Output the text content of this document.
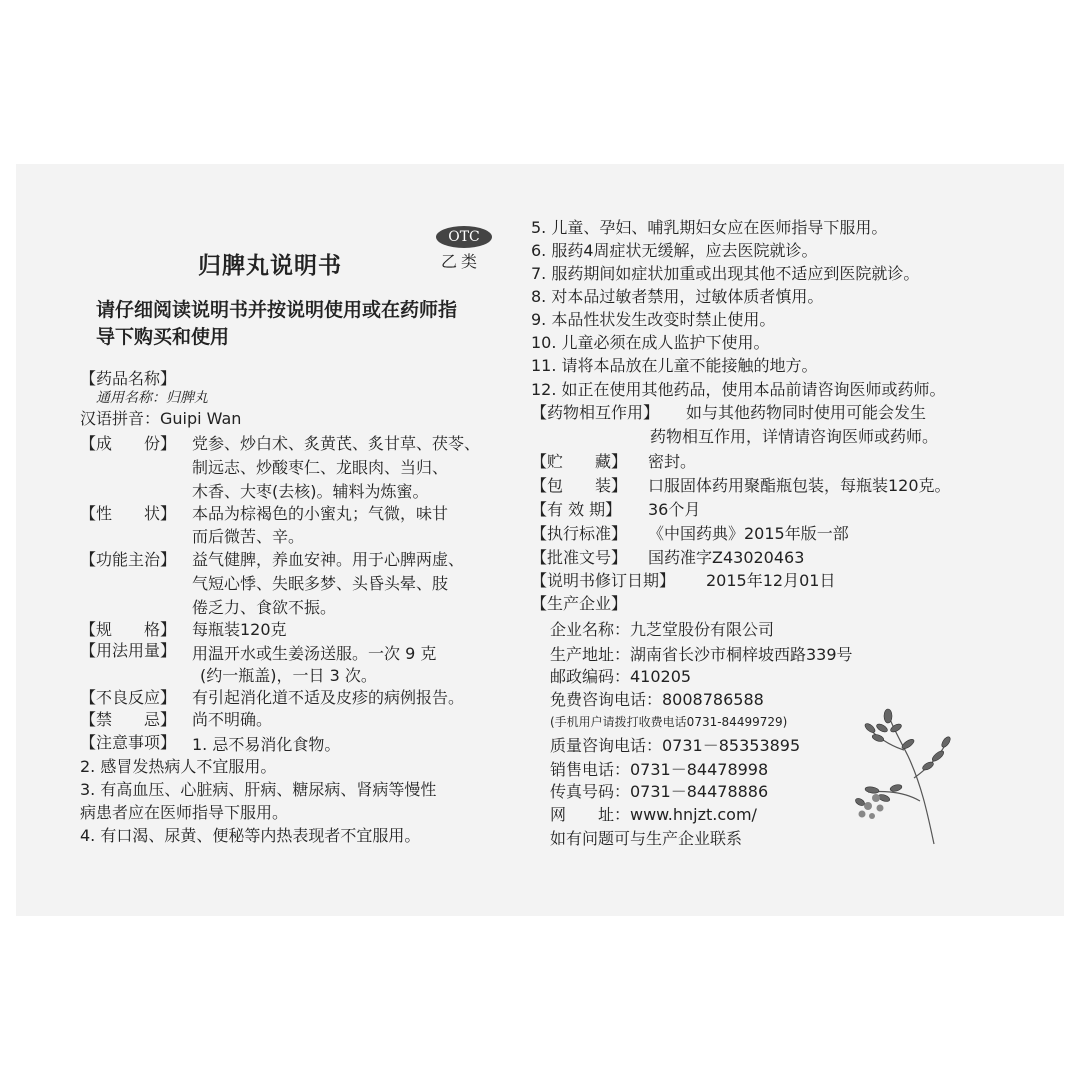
归脾丸说明书
OTC
乙类
请仔细阅读说明书并按说明使用或在药师指
导下购买和使用
【药品名称】
通用名称：归脾丸
汉语拼音：Guipi Wan
【成　　份】 党参、炒白术、炙黄芪、炙甘草、茯苓、
制远志、炒酸枣仁、龙眼肉、当归、
木香、大枣(去核)。辅料为炼蜜。
【性　　状】 本品为棕褐色的小蜜丸；气微，味甘
而后微苦、辛。
【功能主治】 益气健脾，养血安神。用于心脾两虚、
气短心悸、失眠多梦、头昏头晕、肢
倦乏力、食欲不振。
【规　　格】 每瓶装120克
【用法用量】 用温开水或生姜汤送服。一次 9 克
(约一瓶盖)，一日 3 次。
【不良反应】 有引起消化道不适及皮疹的病例报告。
【禁　　忌】 尚不明确。
【注意事项】 1. 忌不易消化食物。
2. 感冒发热病人不宜服用。
3. 有高血压、心脏病、肝病、糖尿病、肾病等慢性
病患者应在医师指导下服用。
4. 有口渴、尿黄、便秘等内热表现者不宜服用。
5. 儿童、孕妇、哺乳期妇女应在医师指导下服用。
6. 服药4周症状无缓解，应去医院就诊。
7. 服药期间如症状加重或出现其他不适应到医院就诊。
8. 对本品过敏者禁用，过敏体质者慎用。
9. 本品性状发生改变时禁止使用。
10. 儿童必须在成人监护下使用。
11. 请将本品放在儿童不能接触的地方。
12. 如正在使用其他药品，使用本品前请咨询医师或药师。
【药物相互作用】 如与其他药物同时使用可能会发生
药物相互作用，详情请咨询医师或药师。
【贮　　藏】 密封。
【包　　装】 口服固体药用聚酯瓶包装，每瓶装120克。
【有 效 期】 36个月
【执行标准】 《中国药典》2015年版一部
【批准文号】 国药准字Z43020463
【说明书修订日期】 2015年12月01日
【生产企业】
企业名称：九芝堂股份有限公司
生产地址：湖南省长沙市桐梓坡西路339号
邮政编码：410205
免费咨询电话：8008786588
(手机用户请拨打收费电话0731-84499729)
质量咨询电话：0731－85353895
销售电话：0731－84478998
传真号码：0731－84478886
网　　址：www.hnjzt.com/
如有问题可与生产企业联系
